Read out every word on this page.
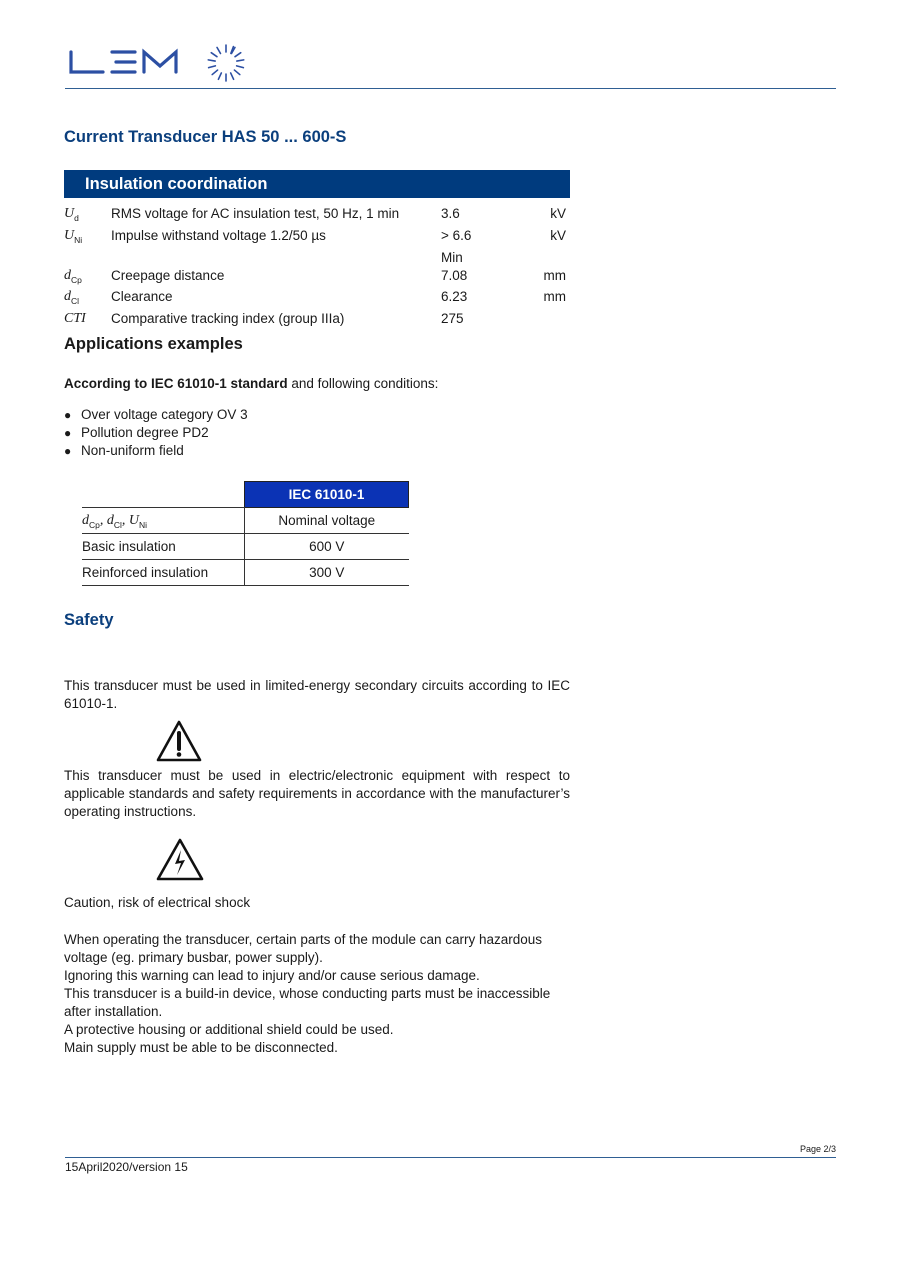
Current Transducer HAS 50 ... 600-S
Insulation coordination
$U_d$	RMS voltage for AC insulation test, 50 Hz, 1 min	3.6	kV
$U_{Ni}$	Impulse withstand voltage 1.2/50 µs	> 6.6	kV
		Min	
$d_{Cp}$	Creepage distance	7.08	mm
$d_{Cl}$	Clearance	6.23	mm
CTI	Comparative tracking index (group IIIa)	275	
Applications examples
According to IEC 61010-1 standard and following conditions:
● Over voltage category OV 3
● Pollution degree PD2
● Non-uniform field
	IEC 61010-1
$d_{Cp}$, $d_{Cl}$, $U_{Ni}$	Nominal voltage
Basic insulation	600 V
Reinforced insulation	300 V
Safety
This transducer must be used in limited-energy secondary circuits according to IEC 61010-1.
This transducer must be used in electric/electronic equipment with respect to applicable standards and safety requirements in accordance with the manufacturer’s operating instructions.
Caution, risk of electrical shock
When operating the transducer, certain parts of the module can carry hazardous
voltage (eg. primary busbar, power supply).
Ignoring this warning can lead to injury and/or cause serious damage.
This transducer is a build-in device, whose conducting parts must be inaccessible
after installation.
A protective housing or additional shield could be used.
Main supply must be able to be disconnected.
Page 2/3
15April2020/version 15
